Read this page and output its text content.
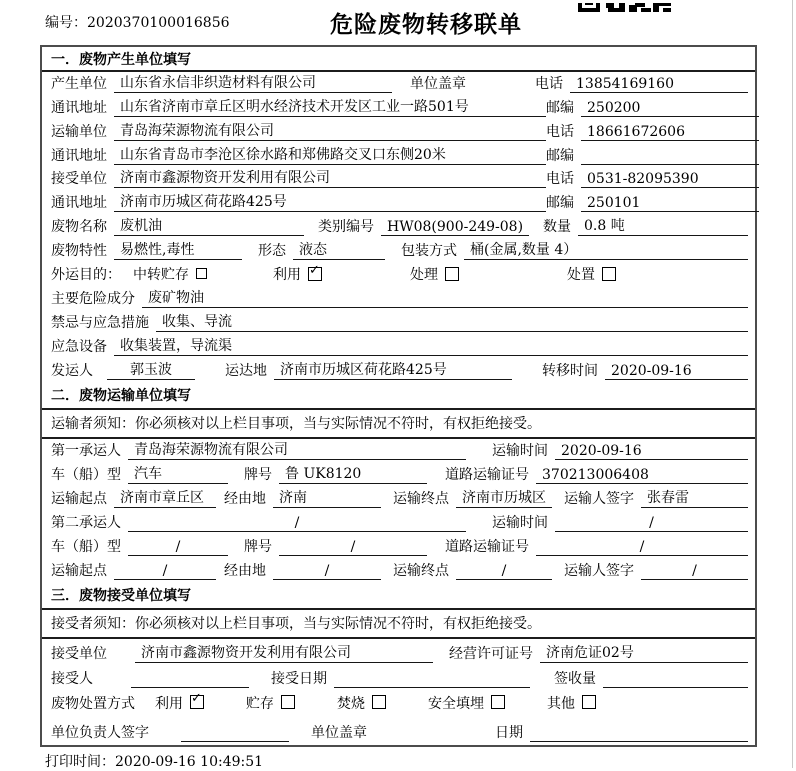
编号：2020370100016856	危险废物转移联单
一．废物产生单位填写
产生单位 山东省永信非织造材料有限公司	单位盖章	电话 13854169160
通讯地址 山东省济南市章丘区明水经济技术开发区工业一路501号	邮编 250200
运输单位 青岛海荣源物流有限公司	电话 18661672606
通讯地址 山东省青岛市李沧区徐水路和郑佛路交叉口东侧20米	邮编
接受单位 济南市鑫源物资开发利用有限公司	电话 0531-82095390
通讯地址 济南市历城区荷花路425号	邮编 250101
废物名称 废机油	类别编号 HW08(900-249-08)	数量 0.8 吨
废物特性 易燃性,毒性	形态 液态	包装方式 桶(金属,数量 4）
外运目的： 中转贮存	利用 ✓	处理	处置
主要危险成分 废矿物油
禁忌与应急措施 收集、导流
应急设备 收集装置，导流渠
发运人	郭玉波	运达地 济南市历城区荷花路425号	转移时间 2020-09-16
二．废物运输单位填写
运输者须知：你必须核对以上栏目事项，当与实际情况不符时，有权拒绝接受。
第一承运人 青岛海荣源物流有限公司	运输时间 2020-09-16
车（船）型 汽车	牌号 鲁 UK8120	道路运输证号 370213006408
运输起点 济南市章丘区	经由地 济南	运输终点 济南市历城区	运输人签字 张春雷
第二承运人	/	运输时间	/
车（船）型	/	牌号	/	道路运输证号	/
运输起点	/	经由地	/	运输终点	/	运输人签字	/
三．废物接受单位填写
接受者须知：你必须核对以上栏目事项，当与实际情况不符时，有权拒绝接受。
接受单位	济南市鑫源物资开发利用有限公司	经营许可证号 济南危证02号
接受人	接受日期	签收量
废物处置方式 利用 ✓	贮存	焚烧	安全填埋	其他
单位负责人签字	单位盖章	日期
打印时间：2020-09-16 10:49:51
